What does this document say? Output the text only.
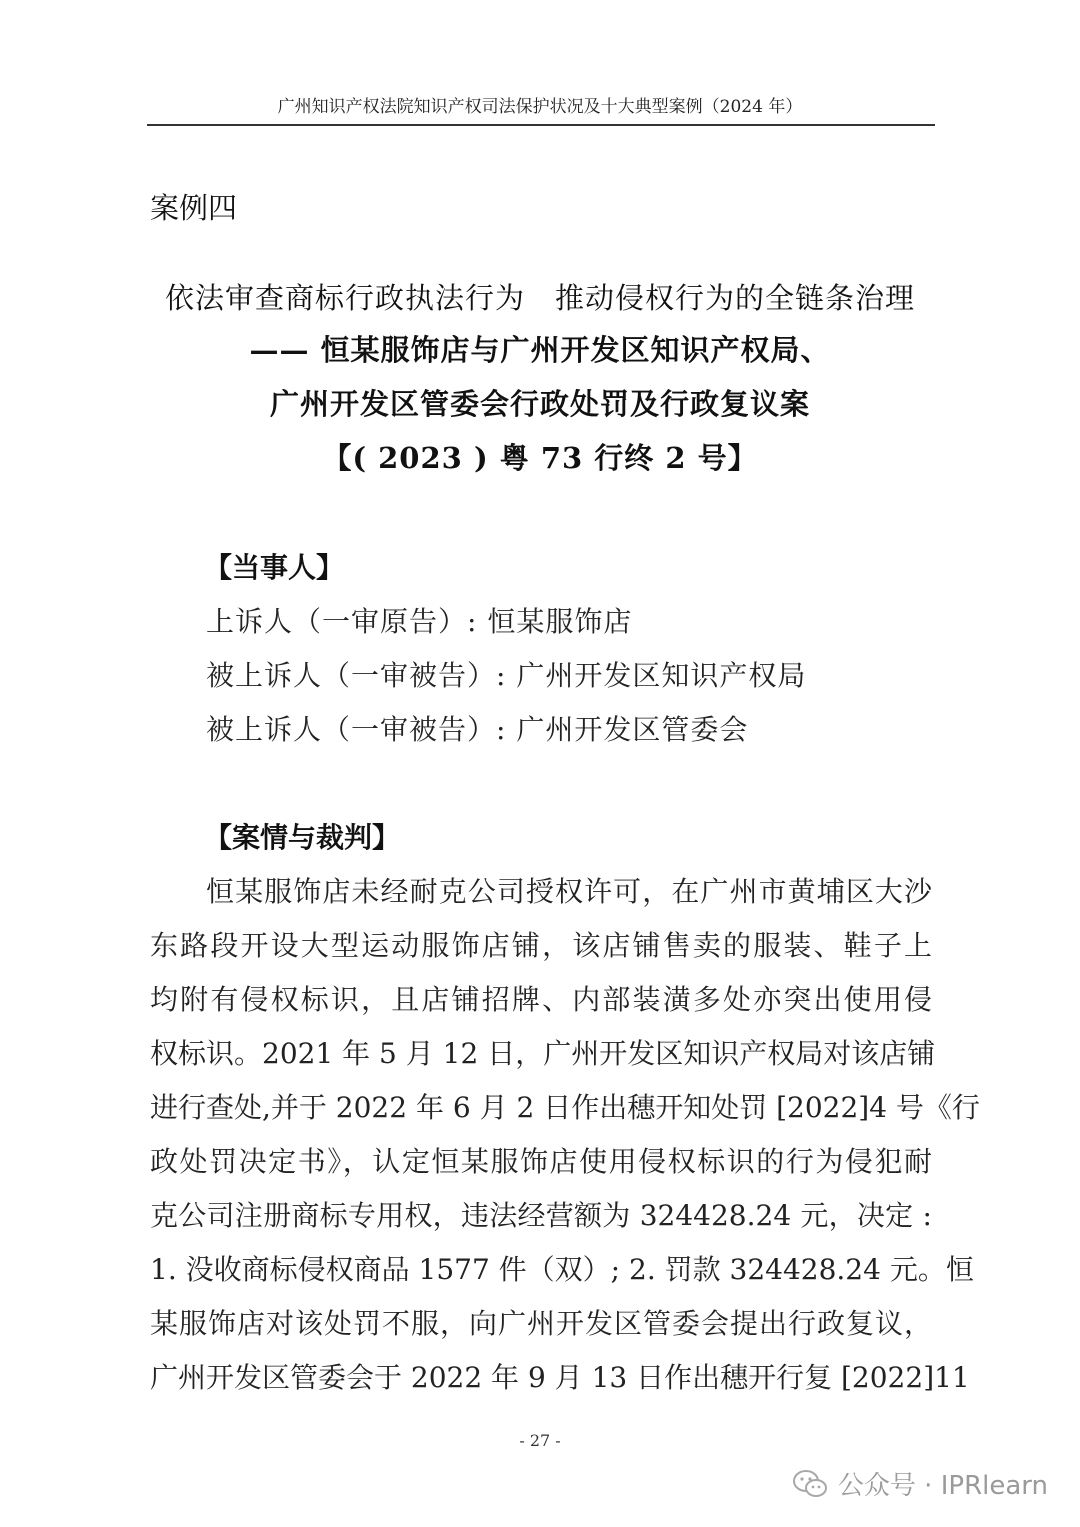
广州知识产权法院知识产权司法保护状况及十大典型案例（2024 年）
案例四
依法审查商标行政执法行为　推动侵权行为的全链条治理
—— 恒某服饰店与广州开发区知识产权局、
广州开发区管委会行政处罚及行政复议案
【( 2023 ) 粤 73 行终 2 号】
【当事人】
上诉人（一审原告）: 恒某服饰店
被上诉人（一审被告）: 广州开发区知识产权局
被上诉人（一审被告）: 广州开发区管委会
【案情与裁判】
恒某服饰店未经耐克公司授权许可，在广州市黄埔区大沙
东路段开设大型运动服饰店铺，该店铺售卖的服装、鞋子上
均附有侵权标识，且店铺招牌、内部装潢多处亦突出使用侵
权标识。2021 年 5 月 12 日，广州开发区知识产权局对该店铺
进行查处,并于 2022 年 6 月 2 日作出穗开知处罚 [2022]4 号《行
政处罚决定书》，认定恒某服饰店使用侵权标识的行为侵犯耐
克公司注册商标专用权，违法经营额为 324428.24 元，决定 :
1. 没收商标侵权商品 1577 件（双）; 2. 罚款 324428.24 元。恒
某服饰店对该处罚不服，向广州开发区管委会提出行政复议，
广州开发区管委会于 2022 年 9 月 13 日作出穗开行复 [2022]11
- 27 -
公众号 · IPRlearn
